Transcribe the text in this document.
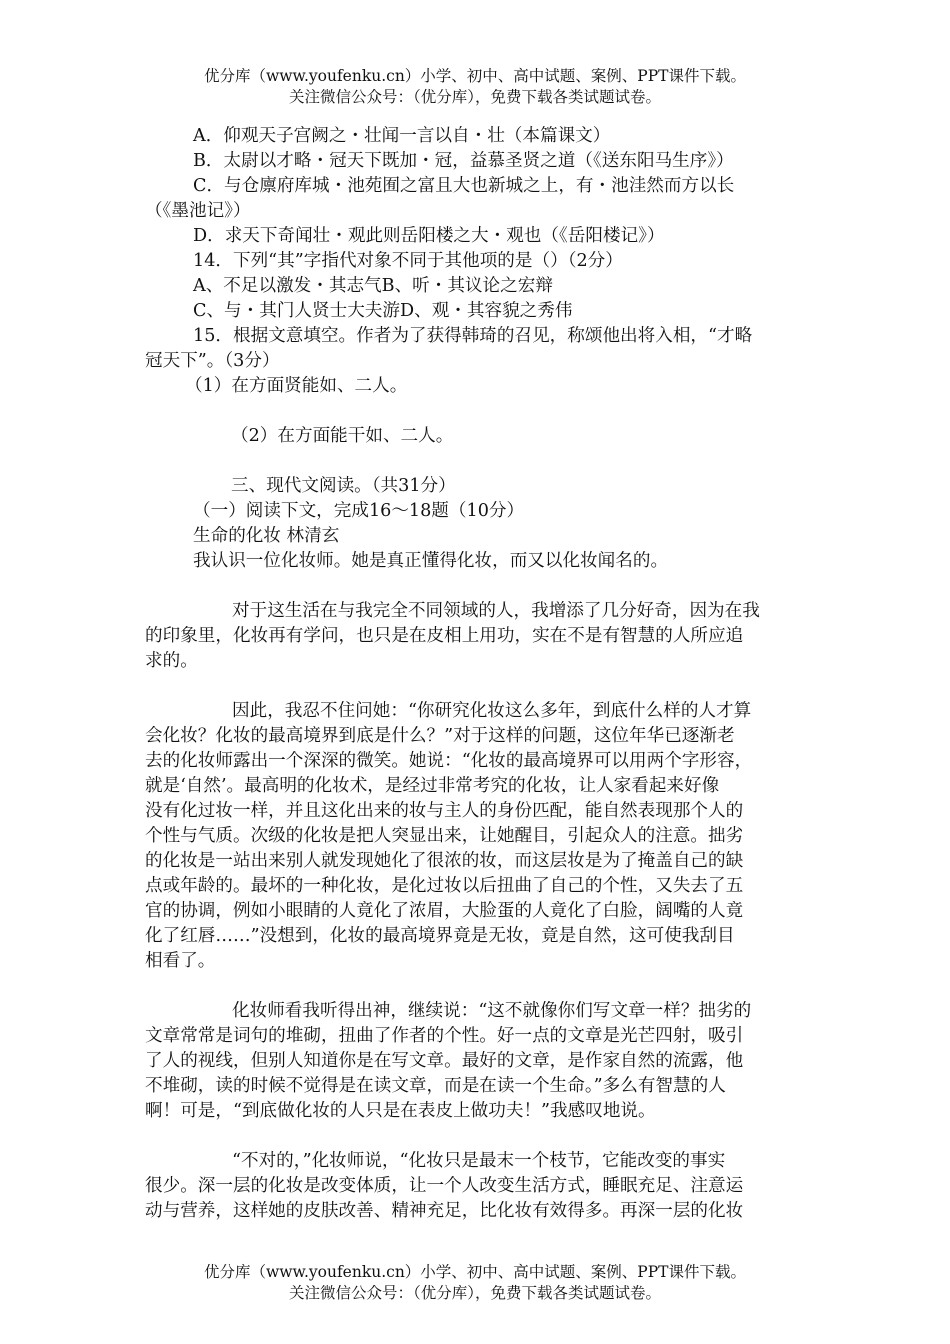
优分库（www.youfenku.cn）小学、初中、高中试题、案例、PPT课件下载。
关注微信公众号：（优分库），免费下载各类试题试卷。

A．仰观天子宫阙之・壮闻一言以自・壮（本篇课文）

B．太尉以才略・冠天下既加・冠，益慕圣贤之道（《送东阳马生序》）

C．与仓廪府库城・池苑囿之富且大也新城之上，有・池洼然而方以长

（《墨池记》）

D．求天下奇闻壮・观此则岳阳楼之大・观也（《岳阳楼记》）

14．下列“其”字指代对象不同于其他项的是（）（2分）

A、不足以激发・其志气B、听・其议论之宏辩

C、与・其门人贤士大夫游D、观・其容貌之秀伟

15．根据文意填空。作者为了获得韩琦的召见，称颂他出将入相，“才略

冠天下”。（3分）

（1）在方面贤能如、二人。

（2）在方面能干如、二人。

三、现代文阅读。（共31分）

（一）阅读下文，完成16～18题（10分）

生命的化妆 林清玄

我认识一位化妆师。她是真正懂得化妆，而又以化妆闻名的。

对于这生活在与我完全不同领域的人，我增添了几分好奇，因为在我

的印象里，化妆再有学问，也只是在皮相上用功，实在不是有智慧的人所应追

求的。

因此，我忍不住问她：“你研究化妆这么多年，到底什么样的人才算

会化妆？化妆的最高境界到底是什么？”对于这样的问题，这位年华已逐渐老

去的化妆师露出一个深深的微笑。她说：“化妆的最高境界可以用两个字形容，

就是‘自然’。最高明的化妆术，是经过非常考究的化妆，让人家看起来好像

没有化过妆一样，并且这化出来的妆与主人的身份匹配，能自然表现那个人的

个性与气质。次级的化妆是把人突显出来，让她醒目，引起众人的注意。拙劣

的化妆是一站出来别人就发现她化了很浓的妆，而这层妆是为了掩盖自己的缺

点或年龄的。最坏的一种化妆，是化过妆以后扭曲了自己的个性，又失去了五

官的协调，例如小眼睛的人竟化了浓眉，大脸蛋的人竟化了白脸，阔嘴的人竟

化了红唇……”没想到，化妆的最高境界竟是无妆，竟是自然，这可使我刮目

相看了。

化妆师看我听得出神，继续说：“这不就像你们写文章一样？拙劣的

文章常常是词句的堆砌，扭曲了作者的个性。好一点的文章是光芒四射，吸引

了人的视线，但别人知道你是在写文章。最好的文章，是作家自然的流露，他

不堆砌，读的时候不觉得是在读文章，而是在读一个生命。”多么有智慧的人

啊！可是，“到底做化妆的人只是在表皮上做功夫！”我感叹地说。

“不对的，”化妆师说，“化妆只是最末一个枝节，它能改变的事实

很少。深一层的化妆是改变体质，让一个人改变生活方式，睡眠充足、注意运

动与营养，这样她的皮肤改善、精神充足，比化妆有效得多。再深一层的化妆

优分库（www.youfenku.cn）小学、初中、高中试题、案例、PPT课件下载。
关注微信公众号：（优分库），免费下载各类试题试卷。
